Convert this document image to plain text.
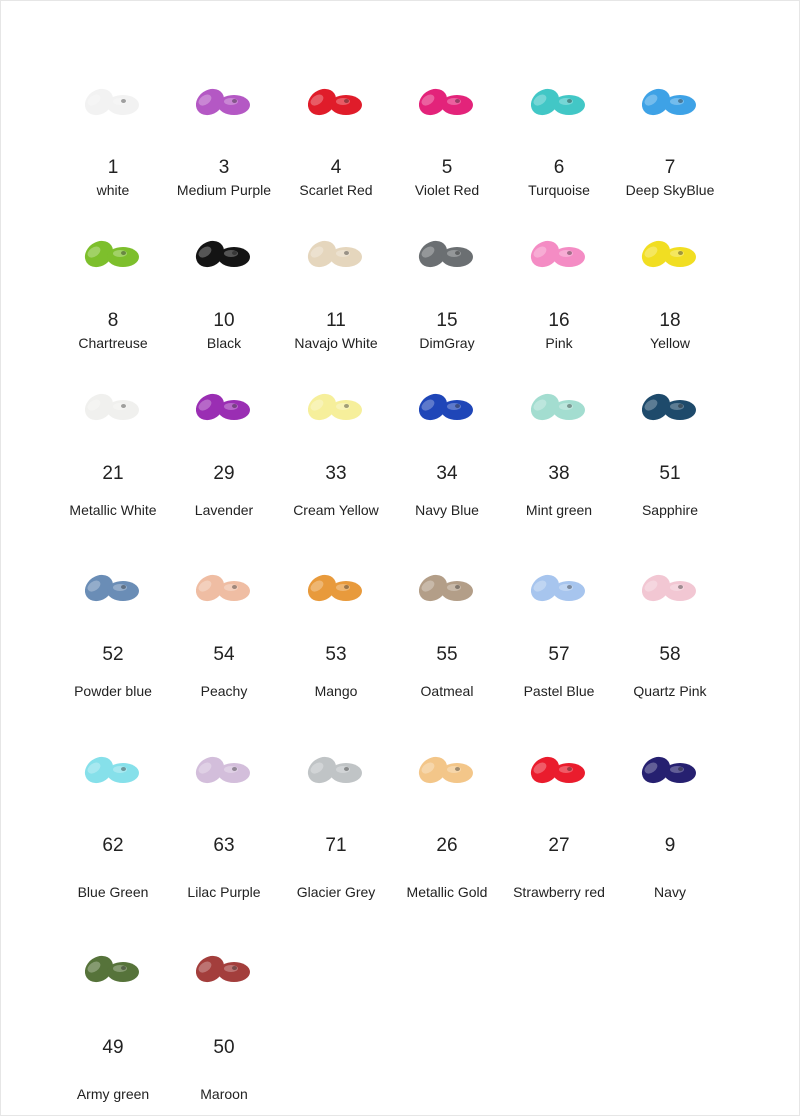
1
white
3
Medium Purple
4
Scarlet Red
5
Violet Red
6
Turquoise
7
Deep SkyBlue
8
Chartreuse
10
Black
11
Navajo White
15
DimGray
16
Pink
18
Yellow
21
Metallic White
29
Lavender
33
Cream Yellow
34
Navy Blue
38
Mint green
51
Sapphire
52
Powder blue
54
Peachy
53
Mango
55
Oatmeal
57
Pastel Blue
58
Quartz Pink
62
Blue Green
63
Lilac Purple
71
Glacier Grey
26
Metallic Gold
27
Strawberry red
9
Navy
49
Army green
50
Maroon
